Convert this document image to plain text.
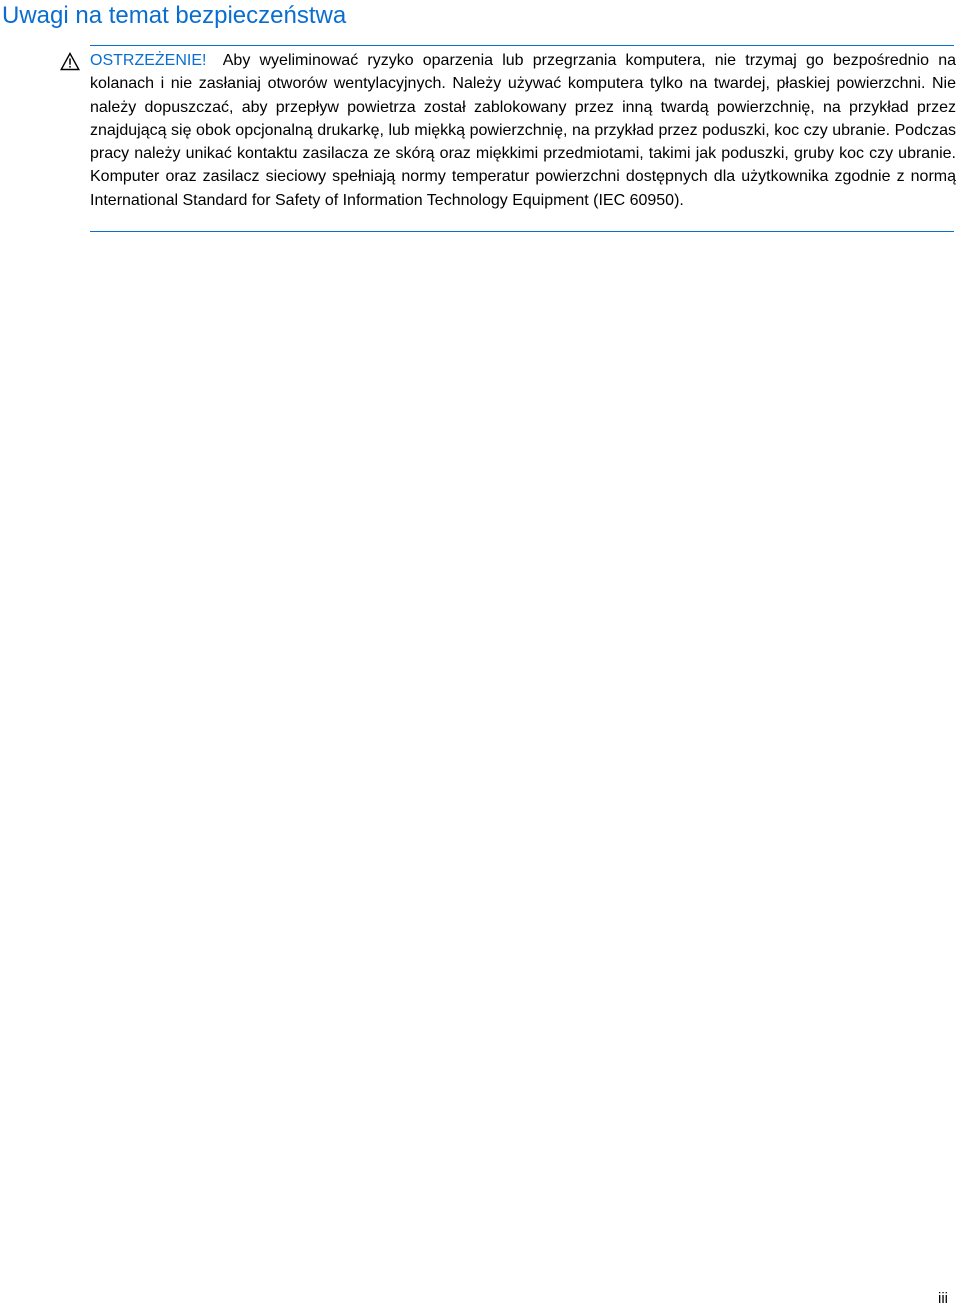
Uwagi na temat bezpieczeństwa

OSTRZEŻENIE! Aby wyeliminować ryzyko oparzenia lub przegrzania komputera, nie trzymaj go bezpośrednio na kolanach i nie zasłaniaj otworów wentylacyjnych. Należy używać komputera tylko na twardej, płaskiej powierzchni. Nie należy dopuszczać, aby przepływ powietrza został zablokowany przez inną twardą powierzchnię, na przykład przez znajdującą się obok opcjonalną drukarkę, lub miękką powierzchnię, na przykład przez poduszki, koc czy ubranie. Podczas pracy należy unikać kontaktu zasilacza ze skórą oraz miękkimi przedmiotami, takimi jak poduszki, gruby koc czy ubranie. Komputer oraz zasilacz sieciowy spełniają normy temperatur powierzchni dostępnych dla użytkownika zgodnie z normą International Standard for Safety of Information Technology Equipment (IEC 60950).

iii
